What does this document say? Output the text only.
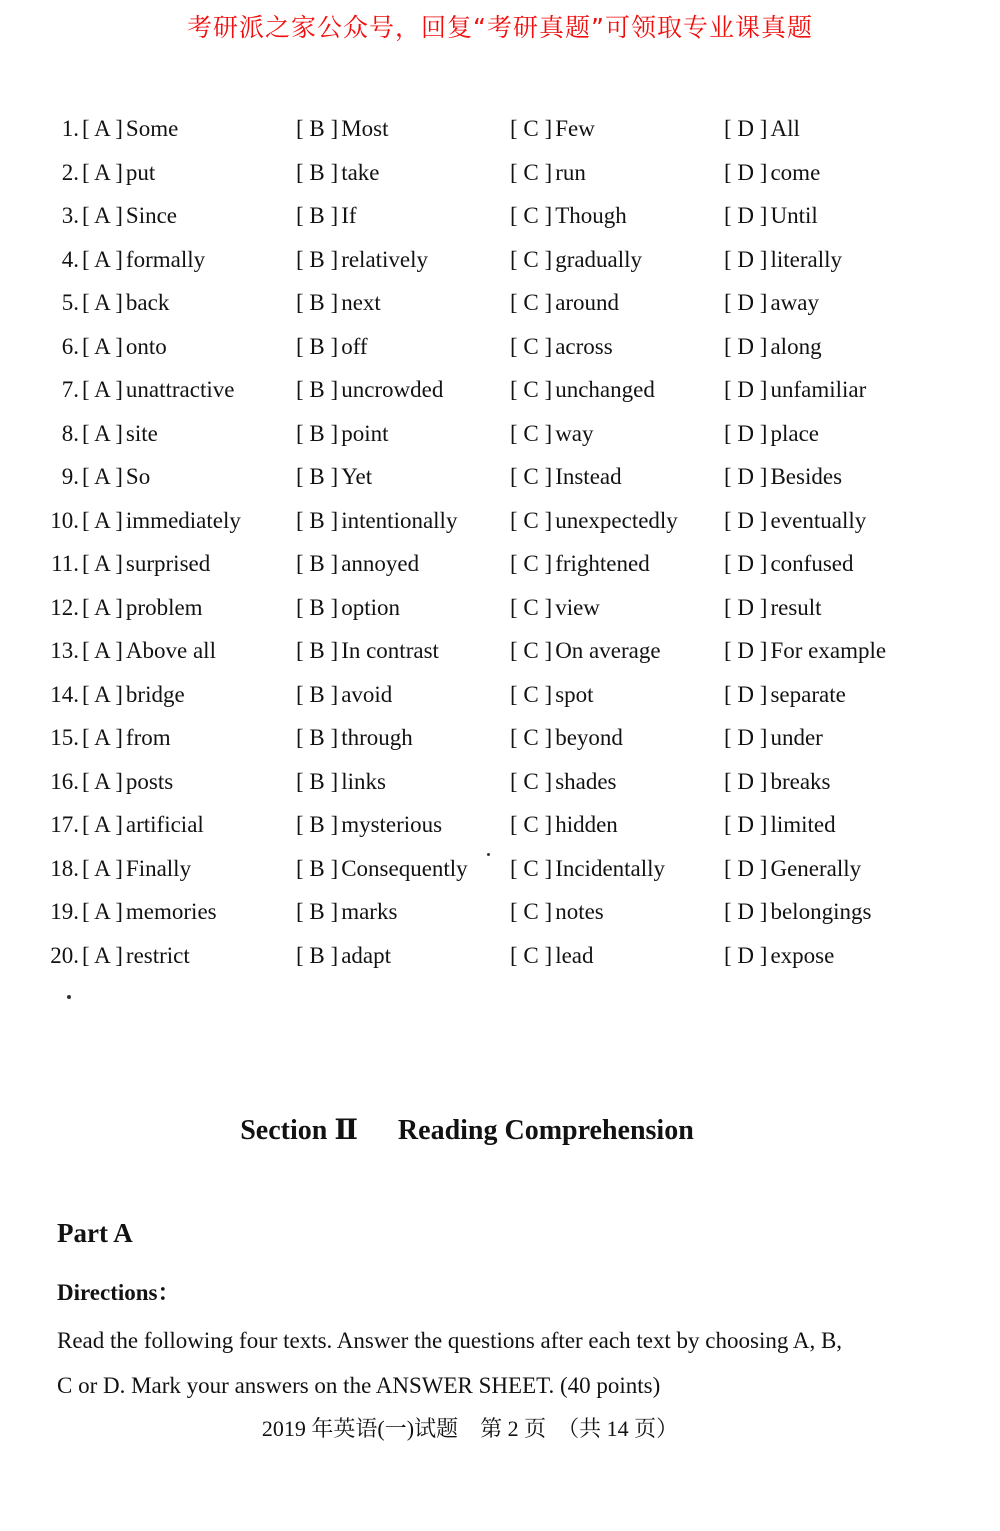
考研派之家公众号，回复“考研真题”可领取专业课真题
1. [ A ] Some	[ B ] Most	[ C ] Few	[ D ] All
2. [ A ] put	[ B ] take	[ C ] run	[ D ] come
3. [ A ] Since	[ B ] If	[ C ] Though	[ D ] Until
4. [ A ] formally	[ B ] relatively	[ C ] gradually	[ D ] literally
5. [ A ] back	[ B ] next	[ C ] around	[ D ] away
6. [ A ] onto	[ B ] off	[ C ] across	[ D ] along
7. [ A ] unattractive	[ B ] uncrowded	[ C ] unchanged	[ D ] unfamiliar
8. [ A ] site	[ B ] point	[ C ] way	[ D ] place
9. [ A ] So	[ B ] Yet	[ C ] Instead	[ D ] Besides
10. [ A ] immediately	[ B ] intentionally	[ C ] unexpectedly	[ D ] eventually
11. [ A ] surprised	[ B ] annoyed	[ C ] frightened	[ D ] confused
12. [ A ] problem	[ B ] option	[ C ] view	[ D ] result
13. [ A ] Above all	[ B ] In contrast	[ C ] On average	[ D ] For example
14. [ A ] bridge	[ B ] avoid	[ C ] spot	[ D ] separate
15. [ A ] from	[ B ] through	[ C ] beyond	[ D ] under
16. [ A ] posts	[ B ] links	[ C ] shades	[ D ] breaks
17. [ A ] artificial	[ B ] mysterious	[ C ] hidden	[ D ] limited
18. [ A ] Finally	[ B ] Consequently	[ C ] Incidentally	[ D ] Generally
19. [ A ] memories	[ B ] marks	[ C ] notes	[ D ] belongings
20. [ A ] restrict	[ B ] adapt	[ C ] lead	[ D ] expose
Section Ⅱ Reading Comprehension
Part A
Directions：
Read the following four texts. Answer the questions after each text by choosing A, B,
C or D. Mark your answers on the ANSWER SHEET. (40 points)
2019 年英语(一)试题　第 2 页　（共 14 页）
